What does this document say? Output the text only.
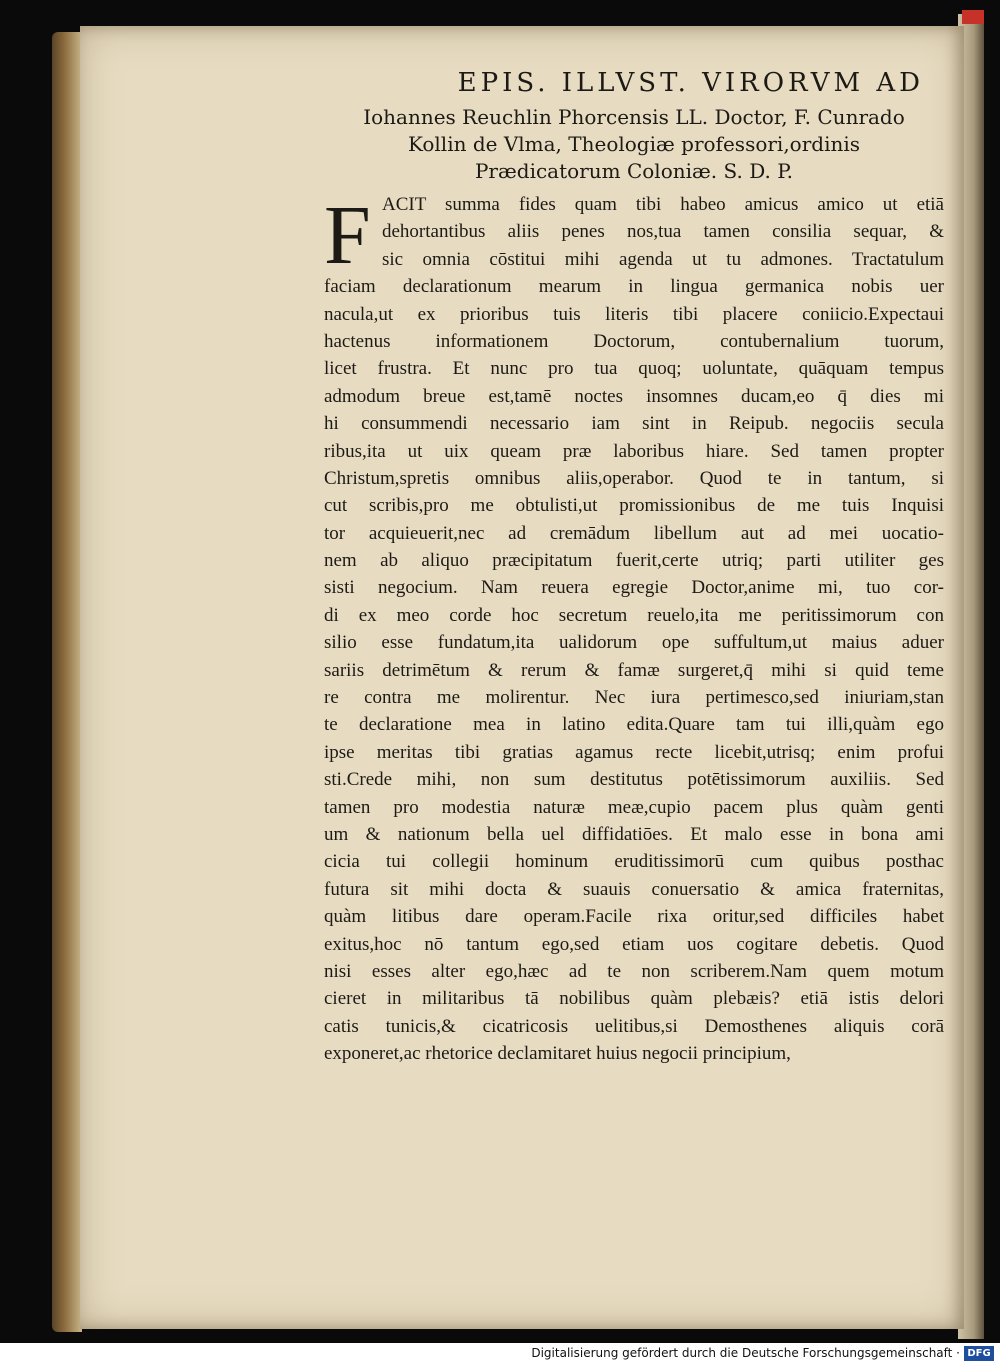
EPIS. ILLVST. VIRORVM AD
Iohannes Reuchlin Phorcensis LL. Doctor, F. Cunrado
Kollin de Vlma, Theologiæ professori,ordinis
Prædicatorum Coloniæ. S. D. P.
F ACIT summa fides quam tibi habeo amicus amico ut etiā
dehortantibus aliis penes nos,tua tamen consilia sequar, &
sic omnia cōstitui mihi agenda ut tu admones. Tractatulum
faciam declarationum mearum in lingua germanica nobis uer
nacula,ut ex prioribus tuis literis tibi placere coniicio.Expectaui
hactenus informationem Doctorum, contubernalium tuorum,
licet frustra. Et nunc pro tua quoq; uoluntate, quāquam tempus
admodum breue est,tamē noctes insomnes ducam,eo q̄ dies mi
hi consummendi necessario iam sint in Reipub. negociis secula
ribus,ita ut uix queam præ laboribus hiare. Sed tamen propter
Christum,spretis omnibus aliis,operabor. Quod te in tantum, si
cut scribis,pro me obtulisti,ut promissionibus de me tuis Inquisi
tor acquieuerit,nec ad cremādum libellum aut ad mei uocatio-
nem ab aliquo præcipitatum fuerit,certe utriq; parti utiliter ges
sisti negocium. Nam reuera egregie Doctor,anime mi, tuo cor-
di ex meo corde hoc secretum reuelo,ita me peritissimorum con
silio esse fundatum,ita ualidorum ope suffultum,ut maius aduer
sariis detrimētum & rerum & famæ surgeret,q̄ mihi si quid teme
re contra me molirentur. Nec iura pertimesco,sed iniuriam,stan
te declaratione mea in latino edita.Quare tam tui illi,quàm ego
ipse meritas tibi gratias agamus recte licebit,utrisq; enim profui
sti.Crede mihi, non sum destitutus potētissimorum auxiliis. Sed
tamen pro modestia naturæ meæ,cupio pacem plus quàm genti
um & nationum bella uel diffidatiōes. Et malo esse in bona ami
cicia tui collegii hominum eruditissimorū cum quibus posthac
futura sit mihi docta & suauis conuersatio & amica fraternitas,
quàm litibus dare operam.Facile rixa oritur,sed difficiles habet
exitus,hoc nō tantum ego,sed etiam uos cogitare debetis. Quod
nisi esses alter ego,hæc ad te non scriberem.Nam quem motum
cieret in militaribus tā nobilibus quàm plebæis? etiā istis delori
catis tunicis,& cicatricosis uelitibus,si Demosthenes aliquis corā
exponeret,ac rhetorice declamitaret huius negocii principium,
Digitalisierung gefördert durch die Deutsche Forschungsgemeinschaft · DFG
